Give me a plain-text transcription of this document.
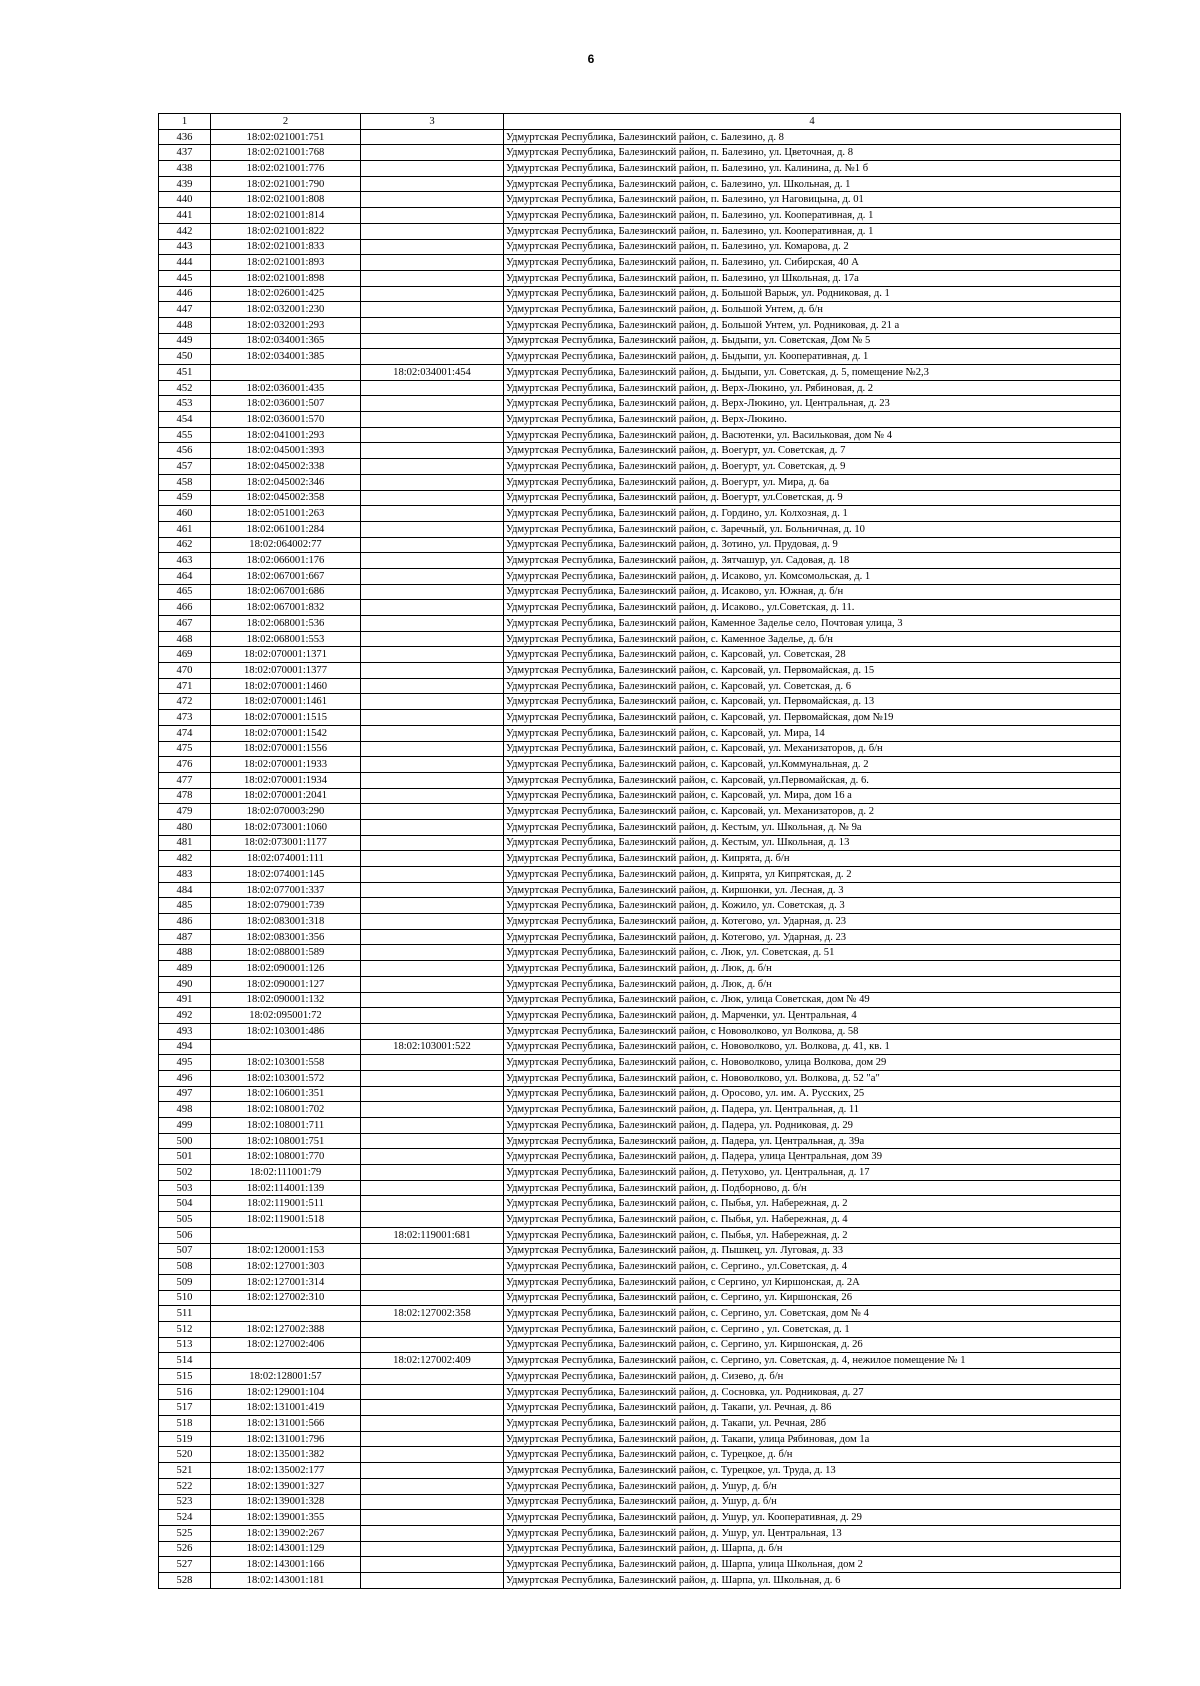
6
1	2	3	4
436	18:02:021001:751		Удмуртская Республика, Балезинский район, с. Балезино, д. 8
437	18:02:021001:768		Удмуртская Республика, Балезинский район, п. Балезино, ул. Цветочная, д. 8
438	18:02:021001:776		Удмуртская Республика, Балезинский район, п. Балезино, ул. Калинина, д. №1 б
439	18:02:021001:790		Удмуртская Республика, Балезинский район, с. Балезино, ул. Школьная, д. 1
440	18:02:021001:808		Удмуртская Республика, Балезинский район, п. Балезино, ул Наговицына, д. 01
441	18:02:021001:814		Удмуртская Республика, Балезинский район, п. Балезино, ул. Кооперативная, д. 1
442	18:02:021001:822		Удмуртская Республика, Балезинский район, п. Балезино, ул. Кооперативная, д. 1
443	18:02:021001:833		Удмуртская Республика, Балезинский район, п. Балезино, ул. Комарова, д. 2
444	18:02:021001:893		Удмуртская Республика, Балезинский район, п. Балезино, ул. Сибирская, 40 А
445	18:02:021001:898		Удмуртская Республика, Балезинский район, п. Балезино, ул Школьная, д. 17а
446	18:02:026001:425		Удмуртская Республика, Балезинский район, д. Большой Варыж, ул. Родниковая, д. 1
447	18:02:032001:230		Удмуртская Республика, Балезинский район, д. Большой Унтем, д. б/н
448	18:02:032001:293		Удмуртская Республика, Балезинский район, д. Большой Унтем, ул. Родниковая, д. 21 а
449	18:02:034001:365		Удмуртская Республика, Балезинский район, д. Быдыпи, ул. Советская, Дом № 5
450	18:02:034001:385		Удмуртская Республика, Балезинский район, д. Быдыпи, ул. Кооперативная, д. 1
451		18:02:034001:454	Удмуртская Республика, Балезинский район, д. Быдыпи, ул. Советская, д. 5, помещение №2,3
452	18:02:036001:435		Удмуртская Республика, Балезинский район, д. Верх-Люкино, ул. Рябиновая, д. 2
453	18:02:036001:507		Удмуртская Республика, Балезинский район, д. Верх-Люкино, ул. Центральная, д. 23
454	18:02:036001:570		Удмуртская Республика, Балезинский район, д. Верх-Люкино.
455	18:02:041001:293		Удмуртская Республика, Балезинский район, д. Васютенки, ул. Васильковая, дом № 4
456	18:02:045001:393		Удмуртская Республика, Балезинский район, д. Воегурт, ул. Советская, д. 7
457	18:02:045002:338		Удмуртская Республика, Балезинский район, д. Воегурт, ул. Советская, д. 9
458	18:02:045002:346		Удмуртская Республика, Балезинский район, д. Воегурт, ул. Мира, д. 6а
459	18:02:045002:358		Удмуртская Республика, Балезинский район, д. Воегурт, ул.Советская, д. 9
460	18:02:051001:263		Удмуртская Республика, Балезинский район, д. Гордино, ул. Колхозная, д. 1
461	18:02:061001:284		Удмуртская Республика, Балезинский район, с. Заречный, ул. Больничная, д. 10
462	18:02:064002:77		Удмуртская Республика, Балезинский район, д. Зотино, ул. Прудовая, д. 9
463	18:02:066001:176		Удмуртская Республика, Балезинский район, д. Зятчашур, ул. Садовая, д. 18
464	18:02:067001:667		Удмуртская Республика, Балезинский район, д. Исаково, ул. Комсомольская, д. 1
465	18:02:067001:686		Удмуртская Республика, Балезинский район, д. Исаково, ул. Южная, д. б/н
466	18:02:067001:832		Удмуртская Республика, Балезинский район, д. Исаково., ул.Советская, д. 11.
467	18:02:068001:536		Удмуртская Республика, Балезинский район, Каменное Заделье село, Почтовая улица, 3
468	18:02:068001:553		Удмуртская Республика, Балезинский район, с. Каменное Заделье, д. б/н
469	18:02:070001:1371		Удмуртская Республика, Балезинский район, с. Карсовай, ул. Советская, 28
470	18:02:070001:1377		Удмуртская Республика, Балезинский район, с. Карсовай, ул. Первомайская, д. 15
471	18:02:070001:1460		Удмуртская Республика, Балезинский район, с. Карсовай, ул. Советская, д. 6
472	18:02:070001:1461		Удмуртская Республика, Балезинский район, с. Карсовай, ул. Первомайская, д. 13
473	18:02:070001:1515		Удмуртская Республика, Балезинский район, с. Карсовай, ул. Первомайская, дом №19
474	18:02:070001:1542		Удмуртская Республика, Балезинский район, с. Карсовай, ул. Мира, 14
475	18:02:070001:1556		Удмуртская Республика, Балезинский район, с. Карсовай, ул. Механизаторов, д. б/н
476	18:02:070001:1933		Удмуртская Республика, Балезинский район, с. Карсовай, ул.Коммунальная, д. 2
477	18:02:070001:1934		Удмуртская Республика, Балезинский район, с. Карсовай, ул.Первомайская, д. 6.
478	18:02:070001:2041		Удмуртская Республика, Балезинский район, с. Карсовай, ул. Мира, дом 16 а
479	18:02:070003:290		Удмуртская Республика, Балезинский район, с. Карсовай, ул. Механизаторов, д. 2
480	18:02:073001:1060		Удмуртская Республика, Балезинский район, д. Кестым, ул. Школьная, д. № 9а
481	18:02:073001:1177		Удмуртская Республика, Балезинский район, д. Кестым, ул. Школьная, д. 13
482	18:02:074001:111		Удмуртская Республика, Балезинский район, д. Кипрята, д. б/н
483	18:02:074001:145		Удмуртская Республика, Балезинский район, д. Кипрята, ул Кипрятская, д. 2
484	18:02:077001:337		Удмуртская Республика, Балезинский район, д. Киршонки, ул. Лесная, д. 3
485	18:02:079001:739		Удмуртская Республика, Балезинский район, д. Кожило, ул. Советская, д. 3
486	18:02:083001:318		Удмуртская Республика, Балезинский район, д. Котегово, ул. Ударная, д. 23
487	18:02:083001:356		Удмуртская Республика, Балезинский район, д. Котегово, ул. Ударная, д. 23
488	18:02:088001:589		Удмуртская Республика, Балезинский район, с. Люк, ул. Советская, д. 51
489	18:02:090001:126		Удмуртская Республика, Балезинский район, д. Люк, д. б/н
490	18:02:090001:127		Удмуртская Республика, Балезинский район, д. Люк, д. б/н
491	18:02:090001:132		Удмуртская Республика, Балезинский район, с. Люк, улица Советская, дом № 49
492	18:02:095001:72		Удмуртская Республика, Балезинский район, д. Марченки, ул. Центральная, 4
493	18:02:103001:486		Удмуртская Республика, Балезинский район, с Нововолково, ул Волкова, д. 58
494		18:02:103001:522	Удмуртская Республика, Балезинский район, с. Нововолково, ул. Волкова, д. 41, кв. 1
495	18:02:103001:558		Удмуртская Республика, Балезинский район, с. Нововолково, улица Волкова, дом 29
496	18:02:103001:572		Удмуртская Республика, Балезинский район, с. Нововолково, ул. Волкова, д. 52 "а"
497	18:02:106001:351		Удмуртская Республика, Балезинский район, д. Оросово, ул. им. А. Русских, 25
498	18:02:108001:702		Удмуртская Республика, Балезинский район, д. Падера, ул. Центральная, д. 11
499	18:02:108001:711		Удмуртская Республика, Балезинский район, д. Падера, ул. Родниковая, д. 29
500	18:02:108001:751		Удмуртская Республика, Балезинский район, д. Падера, ул. Центральная, д. 39а
501	18:02:108001:770		Удмуртская Республика, Балезинский район, д. Падера, улица Центральная, дом 39
502	18:02:111001:79		Удмуртская Республика, Балезинский район, д. Петухово, ул. Центральная, д. 17
503	18:02:114001:139		Удмуртская Республика, Балезинский район, д. Подборново, д. б/н
504	18:02:119001:511		Удмуртская Республика, Балезинский район, с. Пыбья, ул. Набережная, д. 2
505	18:02:119001:518		Удмуртская Республика, Балезинский район, с. Пыбья, ул. Набережная, д. 4
506		18:02:119001:681	Удмуртская Республика, Балезинский район, с. Пыбья, ул. Набережная, д. 2
507	18:02:120001:153		Удмуртская Республика, Балезинский район, д. Пышкец, ул. Луговая, д. 33
508	18:02:127001:303		Удмуртская Республика, Балезинский район, с. Сергино., ул.Советская, д. 4
509	18:02:127001:314		Удмуртская Республика, Балезинский район, с Сергино, ул Киршонская, д. 2А
510	18:02:127002:310		Удмуртская Республика, Балезинский район, с. Сергино, ул. Киршонская, 26
511		18:02:127002:358	Удмуртская Республика, Балезинский район, с. Сергино, ул. Советская, дом № 4
512	18:02:127002:388		Удмуртская Республика, Балезинский район, с. Сергино , ул. Советская, д. 1
513	18:02:127002:406		Удмуртская Республика, Балезинский район, с. Сергино, ул. Киршонская, д. 26
514		18:02:127002:409	Удмуртская Республика, Балезинский район, с. Сергино, ул. Советская, д. 4, нежилое помещение № 1
515	18:02:128001:57		Удмуртская Республика, Балезинский район, д. Сизево, д. б/н
516	18:02:129001:104		Удмуртская Республика, Балезинский район, д. Сосновка, ул. Родниковая, д. 27
517	18:02:131001:419		Удмуртская Республика, Балезинский район, д. Такапи, ул. Речная, д. 86
518	18:02:131001:566		Удмуртская Республика, Балезинский район, д. Такапи, ул. Речная, 28б
519	18:02:131001:796		Удмуртская Республика, Балезинский район, д. Такапи, улица Рябиновая, дом 1а
520	18:02:135001:382		Удмуртская Республика, Балезинский район, с. Турецкое, д. б/н
521	18:02:135002:177		Удмуртская Республика, Балезинский район, с. Турецкое, ул. Труда, д. 13
522	18:02:139001:327		Удмуртская Республика, Балезинский район, д. Ушур, д. б/н
523	18:02:139001:328		Удмуртская Республика, Балезинский район, д. Ушур, д. б/н
524	18:02:139001:355		Удмуртская Республика, Балезинский район, д. Ушур, ул. Кооперативная, д. 29
525	18:02:139002:267		Удмуртская Республика, Балезинский район, д. Ушур, ул. Центральная, 13
526	18:02:143001:129		Удмуртская Республика, Балезинский район, д. Шарпа, д. б/н
527	18:02:143001:166		Удмуртская Республика, Балезинский район, д. Шарпа, улица Школьная, дом 2
528	18:02:143001:181		Удмуртская Республика, Балезинский район, д. Шарпа, ул. Школьная, д. 6
